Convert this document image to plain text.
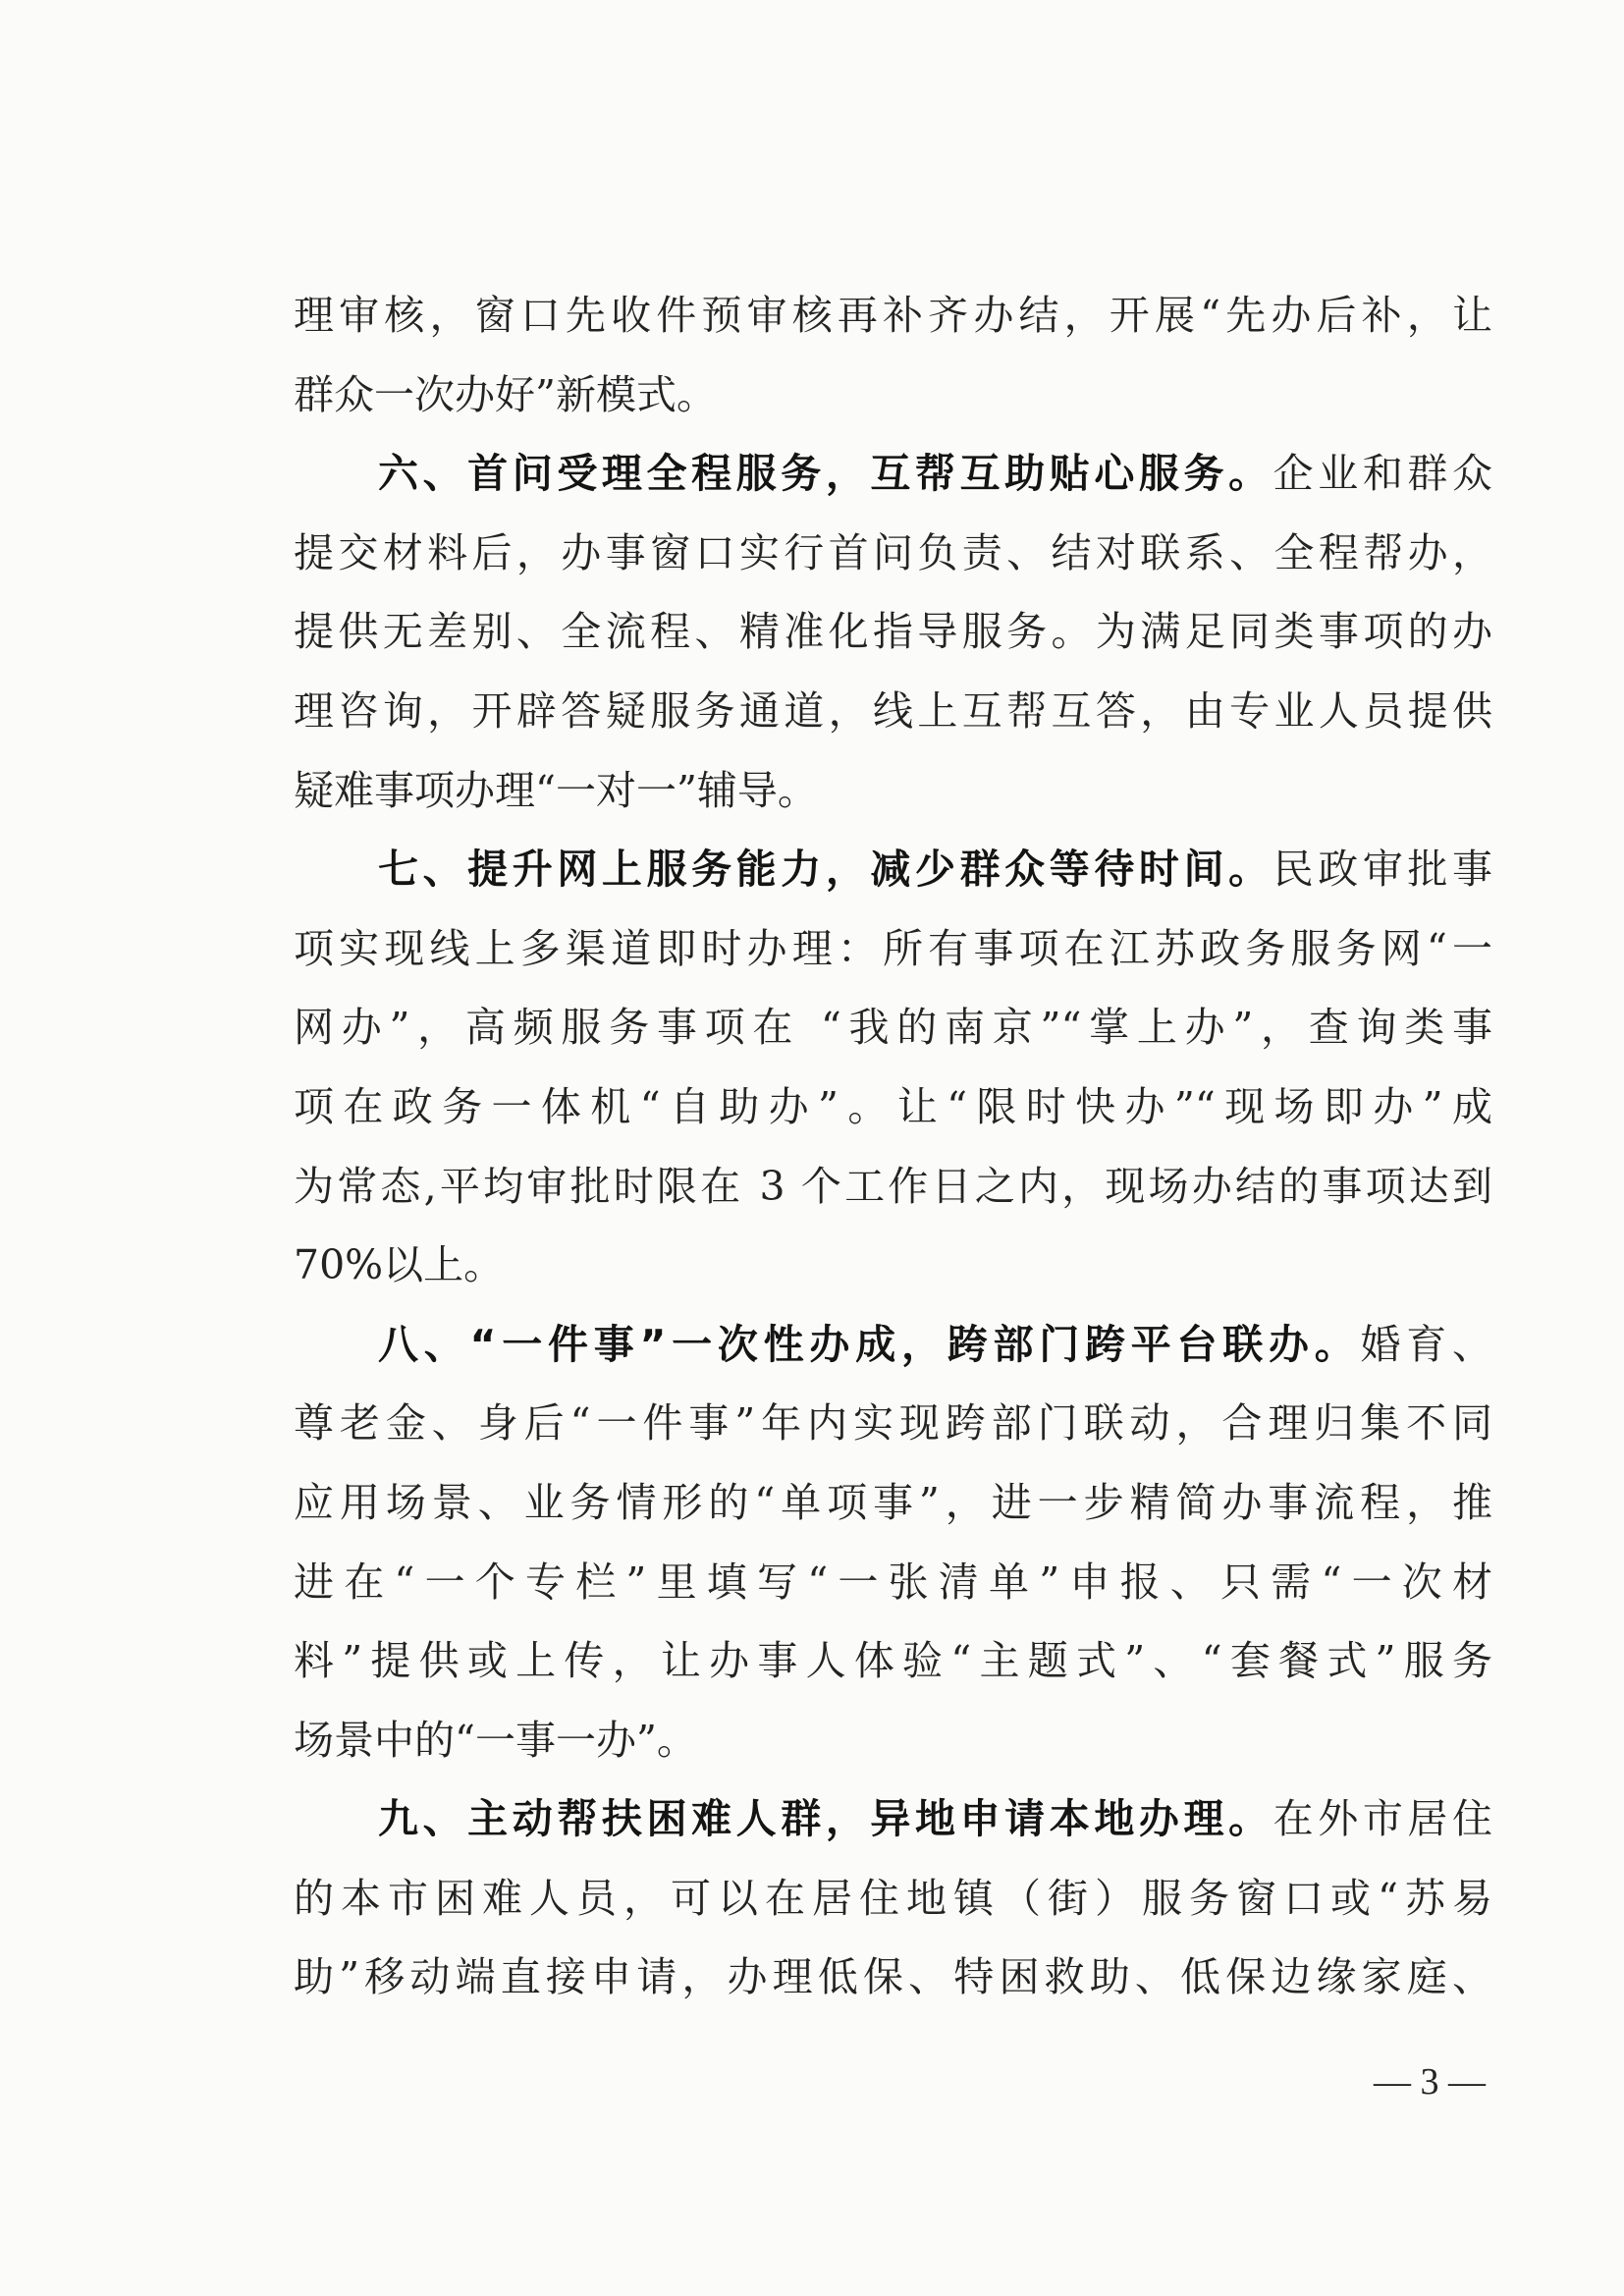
理审核，窗口先收件预审核再补齐办结，开展“先办后补，让
群众一次办好”新模式。
六、首问受理全程服务，互帮互助贴心服务。企业和群众
提交材料后，办事窗口实行首问负责、结对联系、全程帮办，
提供无差别、全流程、精准化指导服务。为满足同类事项的办
理咨询，开辟答疑服务通道，线上互帮互答，由专业人员提供
疑难事项办理“一对一”辅导。
七、提升网上服务能力，减少群众等待时间。民政审批事
项实现线上多渠道即时办理：所有事项在江苏政务服务网“一
网办”，高频服务事项在 “我的南京”“掌上办”，查询类事
项在政务一体机“自助办”。让“限时快办”“现场即办”成
为常态,平均审批时限在 3 个工作日之内，现场办结的事项达到
70%以上。
八、“一件事”一次性办成，跨部门跨平台联办。婚育、
尊老金、身后“一件事”年内实现跨部门联动，合理归集不同
应用场景、业务情形的“单项事”，进一步精简办事流程，推
进在“一个专栏”里填写“一张清单”申报、只需“一次材
料”提供或上传，让办事人体验“主题式”、“套餐式”服务
场景中的“一事一办”。
九、主动帮扶困难人群，异地申请本地办理。在外市居住
的本市困难人员，可以在居住地镇（街）服务窗口或“苏易
助”移动端直接申请，办理低保、特困救助、低保边缘家庭、
— 3 —
